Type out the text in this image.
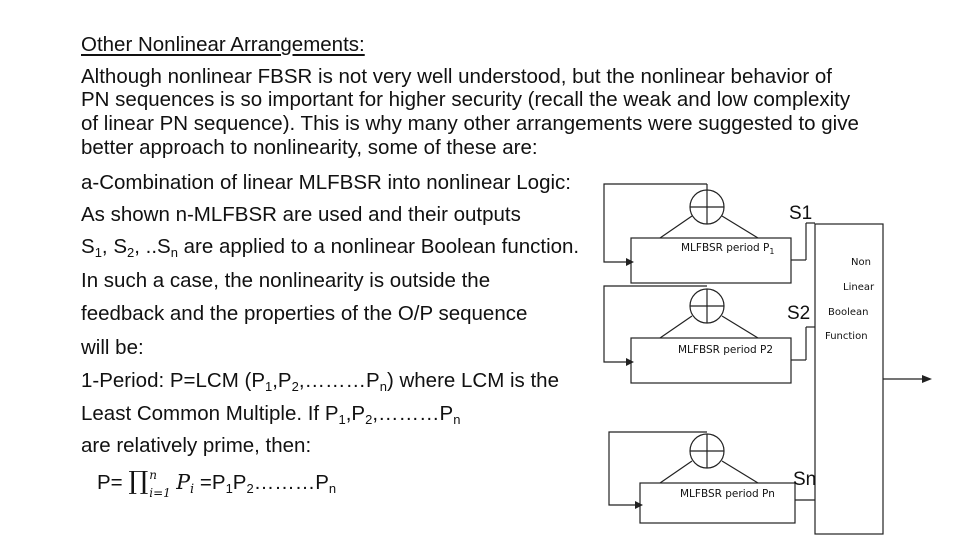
Other Nonlinear Arrangements:
Although nonlinear FBSR is not very well understood, but the nonlinear behavior of
PN sequences is so important for higher security (recall the weak and low complexity
of linear PN sequence). This is why many other arrangements were suggested to give
better approach to nonlinearity, some of these are:
a-Combination of linear MLFBSR into nonlinear Logic:
As shown n-MLFBSR are used and their outputs
$S_1$, $S_2$, $..S_n$ are applied to a nonlinear Boolean function.
In such a case, the nonlinearity is outside the
feedback and the properties of the O/P sequence
will be:
1-Period: P=LCM $(P_1,P_2,\dots\dots\dots P_n)$ where LCM is the
Least Common Multiple. If $P_1,P_2,\dots\dots\dots P_n$
are relatively prime, then:
P= ∏ n
i=1 $P_i$ $=P_1P_2\dots\dots\dots P_n$
MLFBSR period $P_1$
MLFBSR period P2
MLFBSR period Pn
S1
S2
Sn
Non
Linear
Boolean
Function
